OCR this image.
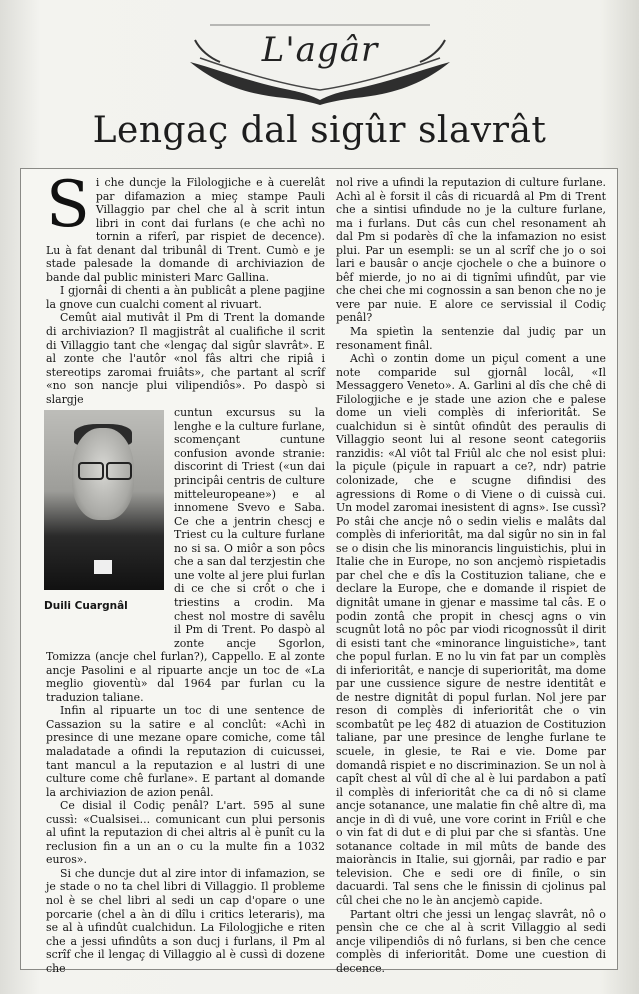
L'agâr
Lengaç dal sigûr slavrât

Si che duncje la Filologjiche e à cuerelât par difamazion a mieç stampe Pauli Villaggio par chel che al à scrit intun libri in cont dai furlans (e che achì no tornin a riferî, par rispiet de decence). Lu à fat denant dal tribunâl di Trent. Cumò e je stade palesade la domande di archiviazion de bande dal public ministeri Marc Gallina.

I gjornâi di chenti a àn publicât a plene pagjine la gnove cun cualchi coment al rivuart.

Cemût aial mutivât il Pm di Trent la domande di archiviazion? Il magjistrât al cualifiche il scrit di Villaggio tant che «lengaç dal sigûr slavrât». E al zonte che l'autôr «nol fâs altri che ripiâ i stereotips zaromai fruiâts», che partant al scrîf «no son nancje plui vilipendiôs». Po daspò si slargje

Duili Cuargnâl
cuntun excursus su la lenghe e la culture furlane, scomençant cuntune confusion avonde stranie: discorint di Triest («un dai principâi centris de culture mitteleuropeane») e al innomene Svevo e Saba. Ce che a jentrin chescj e Triest cu la culture furlane no si sa. O miôr a son pôcs che a san dal terzjestin che une volte al jere plui furlan di ce che si crôt o che i triestins a crodin. Ma chest nol mostre di savêlu il Pm di Trent. Po daspò al zonte ancje Sgorlon, Tomizza (ancje chel furlan?), Cappello. E al zonte ancje Pasolini e al ripuarte ancje un toc de «La meglio gioventù» dal 1964 par furlan cu la traduzion taliane.

Infin al ripuarte un toc di une sentence de Cassazion su la satire e al conclût: «Achì in presince di une mezane opare comiche, come tâl maladatade a ofindi la reputazion di cuicussei, tant mancul a la reputazion e al lustri di une culture come chê furlane». E partant al domande la archiviazion de azion penâl.

Ce disial il Codiç penâl? L'art. 595 al sune cussì: «Cualsisei... comunicant cun plui personis al ufint la reputazion di chei altris al è punît cu la reclusion fin a un an o cu la multe fin a 1032 euros».

Si che duncje dut al zire intor di infamazion, se je stade o no ta chel libri di Villaggio. Il probleme nol è se chel libri al sedi un cap d'opare o une porcarie (chel a àn di dîlu i critics leteraris), ma se al à ufindût cualchidun. La Filologjiche e riten che a jessi ufindûts a son ducj i furlans, il Pm al scrîf che il lengaç di Villaggio al è cussì di dozene che

nol rive a ufindi la reputazion di culture furlane. Achì al è forsit il câs di ricuardâ al Pm di Trent che a sintisi ufindude no je la culture furlane, ma i furlans. Dut câs cun chel resonament ah dal Pm si podarès dî che la infamazion no esist plui. Par un esempli: se un al scrîf che jo o soi lari e bausâr o ancje cjochele o che a buinore o bêf mierde, jo no ai di tignîmi ufindût, par vie che chei che mi cognossin a san benon che no je vere par nuie. E alore ce servissial il Codiç penâl?

Ma spietìn la sentenzie dal judiç par un resonament finâl.

Achì o zontin dome un piçul coment a une note comparide sul gjornâl locâl, «Il Messaggero Veneto». A. Garlini al dîs che chê di Filologjiche e je stade une azion che e palese dome un vieli complès di inferioritât. Se cualchidun si è sintût ofindût des peraulis di Villaggio seont lui al resone seont categoriis ranzidis: «Al viôt tal Friûl alc che nol esist plui: la piçule (piçule in rapuart a ce?, ndr) patrie colonizade, che e scugne difindisi des agressions di Rome o di Viene o di cuissà cui. Un model zaromai inesistent di agns». Ise cussì? Po stâi che ancje nô o sedin vielis e malâts dal complès di inferioritât, ma dal sigûr no sin in fal se o disin che lis minorancis linguistichis, plui in Italie che in Europe, no son ancjemò rispietadis par chel che e dîs la Costituzion taliane, che e declare la Europe, che e domande il rispiet de dignitât umane in gjenar e massime tal câs. E o podin zontâ che propit in chescj agns o vin scugnût lotâ no pôc par viodi ricognossût il dirit di esisti tant che «minorance linguistiche», tant che popul furlan. E no lu vin fat par un complès di inferioritât, e nancje di superioritât, ma dome par une cussience sigure de nestre identitât e de nestre dignitât di popul furlan. Nol jere par reson di complès di inferioritât che o vin scombatût pe leç 482 di atuazion de Costituzion taliane, par une presince de lenghe furlane te scuele, in glesie, te Rai e vie. Dome par domandâ rispiet e no discriminazion. Se un nol à capît chest al vûl dî che al è lui pardabon a patî il complès di inferioritât che ca di nô si clame ancje sotanance, une malatie fin chê altre dì, ma ancje in dì di vuê, une vore corint in Friûl e che o vin fat di dut e di plui par che si sfantàs. Une sotanance coltade in mil mûts de bande des maioràncis in Italie, sui gjornâi, par radio e par television. Che e sedi ore di finîle, o sin dacuardi. Tal sens che le finissin di cjolinus pal cûl chei che no le àn ancjemò capide.

Partant oltri che jessi un lengaç slavrât, nô o pensìn che ce che al à scrit Villaggio al sedi ancje vilipendiôs di nô furlans, si ben che cence complès di inferioritât. Dome une cuestion di decence.
